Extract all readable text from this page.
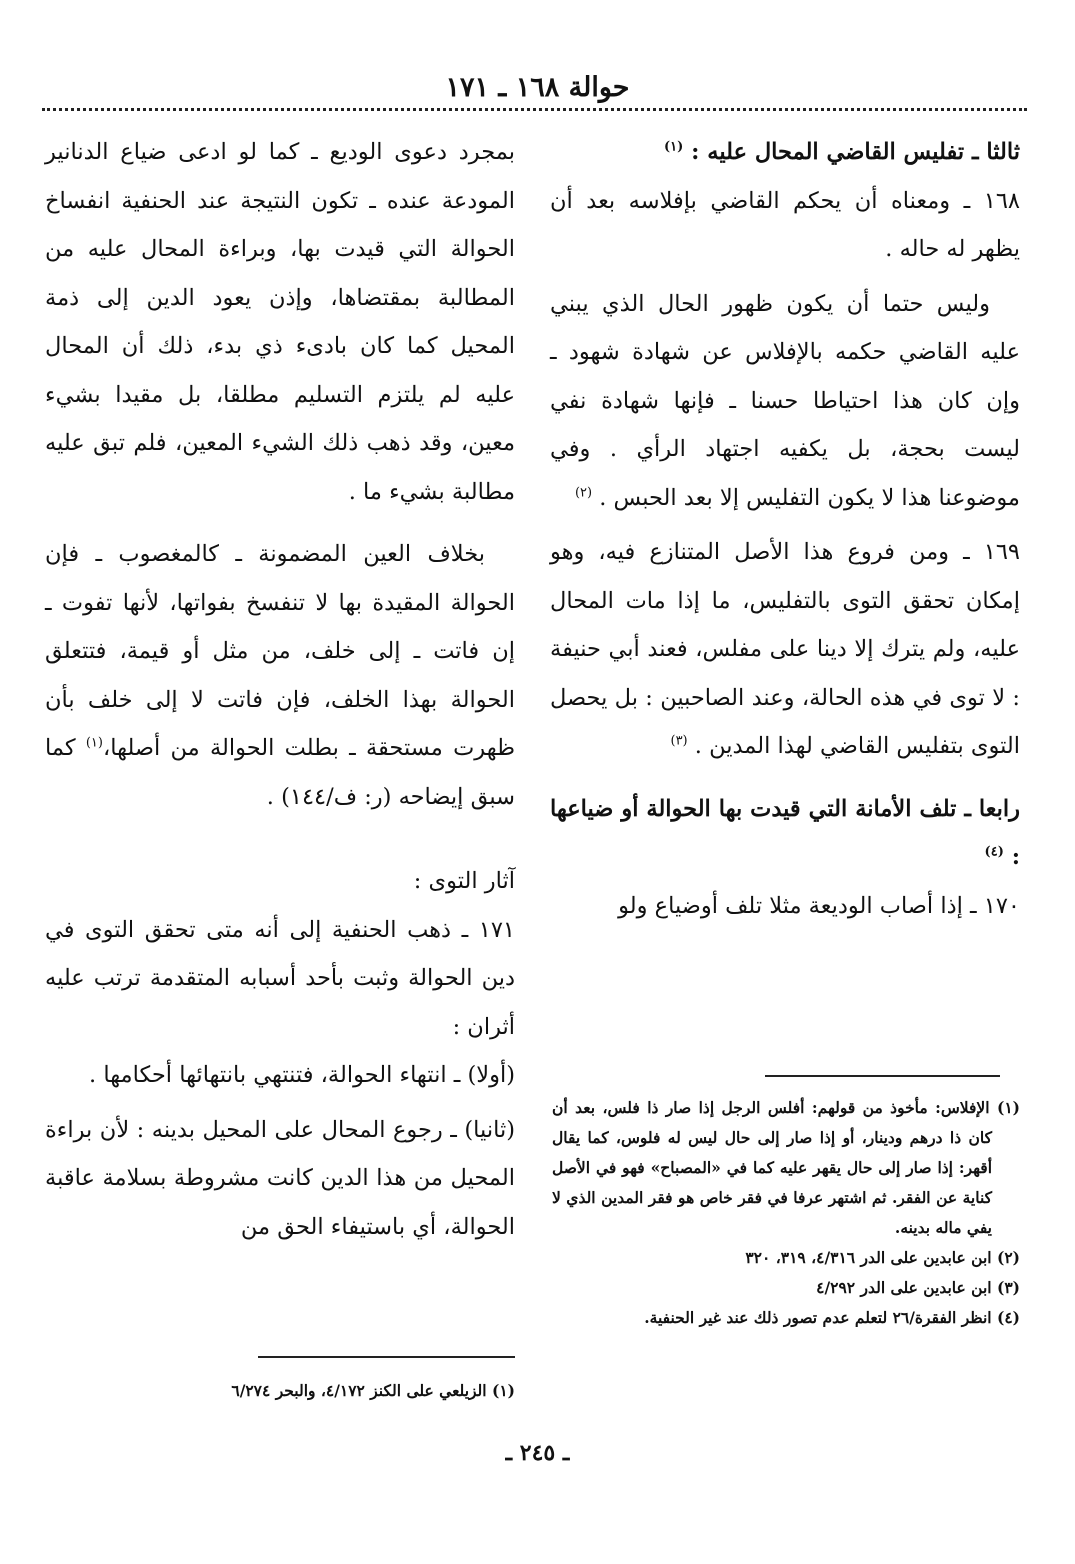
حوالة ١٦٨ ـ ١٧١

ثالثا ـ تفليس القاضي المحال عليه : $^{(١)}$

١٦٨ ـ ومعناه أن يحكم القاضي بإفلاسه بعد أن يظهر له حاله .

وليس حتما أن يكون ظهور الحال الذي يبني عليه القاضي حكمه بالإفلاس عن شهادة شهود ـ وإن كان هذا احتياطا حسنا ـ فإنها شهادة نفي ليست بحجة، بل يكفيه اجتهاد الرأي . وفي موضوعنا هذا لا يكون التفليس إلا بعد الحبس . $^{(٢)}$

١٦٩ ـ ومن فروع هذا الأصل المتنازع فيه، وهو إمكان تحقق التوى بالتفليس، ما إذا مات المحال عليه، ولم يترك إلا دينا على مفلس، فعند أبي حنيفة : لا توى في هذه الحالة، وعند الصاحبين : بل يحصل التوى بتفليس القاضي لهذا المدين . $^{(٣)}$

رابعا ـ تلف الأمانة التي قيدت بها الحوالة أو ضياعها : $^{(٤)}$

١٧٠ ـ إذا أصاب الوديعة مثلا تلف أوضياع ولو

بمجرد دعوى الوديع ـ كما لو ادعى ضياع الدنانير المودعة عنده ـ تكون النتيجة عند الحنفية انفساخ الحوالة التي قيدت بها، وبراءة المحال عليه من المطالبة بمقتضاها، وإذن يعود الدين إلى ذمة المحيل كما كان بادىء ذي بدء، ذلك أن المحال عليه لم يلتزم التسليم مطلقا، بل مقيدا بشيء معين، وقد ذهب ذلك الشيء المعين، فلم تبق عليه مطالبة بشيء ما .

بخلاف العين المضمونة ـ كالمغصوب ـ فإن الحوالة المقيدة بها لا تنفسخ بفواتها، لأنها تفوت ـ إن فاتت ـ إلى خلف، من مثل أو قيمة، فتتعلق الحوالة بهذا الخلف، فإن فاتت لا إلى خلف بأن ظهرت مستحقة ـ بطلت الحوالة من أصلها،$^{(١)}$ كما سبق إيضاحه (ر: ف/١٤٤) .

آثار التوى :

١٧١ ـ ذهب الحنفية إلى أنه متى تحقق التوى في دين الحوالة وثبت بأحد أسبابه المتقدمة ترتب عليه أثران :

(أولا) ـ انتهاء الحوالة، فتنتهي بانتهائها أحكامها .

(ثانيا) ـ رجوع المحال على المحيل بدينه : لأن براءة المحيل من هذا الدين كانت مشروطة بسلامة عاقبة الحوالة، أي باستيفاء الحق من

(١) الإفلاس: مأخوذ من قولهم: أفلس الرجل إذا صار ذا فلس، بعد أن كان ذا درهم ودينار، أو إذا صار إلى حال ليس له فلوس، كما يقال أقهر: إذا صار إلى حال يقهر عليه كما في «المصباح» فهو في الأصل كناية عن الفقر. ثم اشتهر عرفا في فقر خاص هو فقر المدين الذي لا يفي ماله بدينه.

(٢) ابن عابدين على الدر ٤/٣١٦، ٣١٩، ٣٢٠

(٣) ابن عابدين على الدر ٤/٢٩٢

(٤) انظر الفقرة/٢٦ لتعلم عدم تصور ذلك عند غير الحنفية.

(١) الزيلعي على الكنز ٤/١٧٢، والبحر ٦/٢٧٤

ـ ٢٤٥ ـ
